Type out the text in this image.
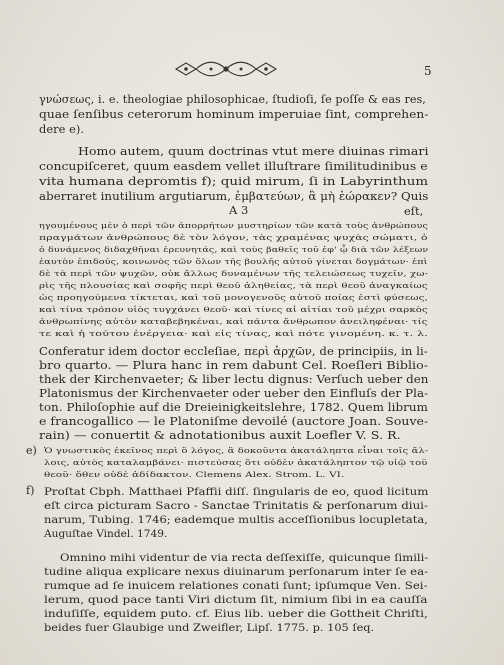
5
γνώσεως, i. e. theologiae philosophicae, ſtudioſi, ſe poſſe & eas res,
quae ſenſibus ceterorum hominum imperuiae ſint, comprehen-
dere e).
Homo autem, quum doctrinas vtut mere diuinas rimari
concupiſceret, quum easdem vellet illuſtrare ſimilitudinibus e
vita humana depromtis f); quid mirum, ſi in Labyrinthum
aberraret inutilium argutiarum, ἐμβατεύων, ἃ μὴ ἑώρακεν? Quis
eſt,
A 3
ηγουμένους μὲν ὁ περὶ τῶν ἀπορρήτων μυστηρίων τῶν κατὰ τοὺς ἀνθρώπους
πραγμάτων ἀνθρώπους δὲ τὸν λόγον, τὰς χραμένας ψυχὰς σώματι, ὁ
ὁ δυνάμενος διδαχθῆναι ἐρευνητάς, καὶ τοὺς βαθεῖς τοῦ ἐφ' ᾧ διὰ τῶν λέξεων
ἑαυτὸν ἐπιδούς, κοινωνὸς τῶν ὅλων τῆς βουλῆς αὐτοῦ γίνεται δογμάτων· ἐπὶ
δὲ τὰ περὶ τῶν ψυχῶν, οὐκ ἄλλως δυναμένων τῆς τελειώσεως τυχεῖν, χω-
ρὶς τῆς πλουσίας καὶ σοφῆς περὶ θεοῦ ἀληθείας, τὰ περὶ θεοῦ ἀναγκαίως
ὡς προηγούμενα τίκτεται, καὶ τοῦ μονογενοῦς αὐτοῦ ποίας ἐστὶ φύσεως,
καὶ τίνα τρόπον υἱὸς τυγχάνει θεοῦ· καὶ τίνες αἱ αἰτίαι τοῦ μέχρι σαρκὸς
ἀνθρωπίνης αὐτὸν καταβεβηκέναι, καὶ πάντα ἄνθρωπον ἀνειληφέναι· τίς
τε καὶ ἡ τούτου ἐνέργεια· καὶ εἰς τίνας, καὶ πότε γινομένη. κ. τ. λ.
Conferatur idem doctor eccleſiae, περὶ ἀρχῶν, de principiis, in li-
bro quarto. — Plura hanc in rem dabunt Cel. Roeſleri Biblio-
thek der Kirchenvaeter; & liber lectu dignus: Verſuch ueber den
Platonismus der Kirchenvaeter oder ueber den Einfluſs der Pla-
ton. Philoſophie auf die Dreieinigkeitslehre, 1782. Quem librum
e francogallico — le Platoniſme devoilé (auctore Joan. Souve-
rain) — conuertit & adnotationibus auxit Loefler V. S. R.
e) Ὁ γνωστικὸς ἐκεῖνος περὶ ὃ λόγος, ἃ δοκοῦντα ἀκατάληπτα εἶναι τοῖς ἄλ-
λοις, αὐτὸς καταλαμβάνει· πιστεύσας ὅτι οὐδὲν ἀκατάληπτον τῷ υἱῷ τοῦ
θεοῦ· ὅθεν οὐδὲ ἀδίδακτον. Clemens Alex. Strom. L. VI.
f) Proſtat Cbph. Matthaei Pfaffii diſſ. ſingularis de eo, quod licitum
eſt circa picturam Sacro - Sanctae Trinitatis & perſonarum diui-
narum, Tubing. 1746; eademque multis acceſſionibus locupletata,
Auguſtae Vindel. 1749.
Omnino mihi videntur de via recta deſſexiſſe, quicunque ſimili-
tudine aliqua explicare nexus diuinarum perſonarum inter ſe ea-
rumque ad ſe inuicem relationes conati ſunt; ipſumque Ven. Sei-
lerum, quod pace tanti Viri dictum ſit, nimium ſibi in ea cauſſa
induſiſſe, equidem puto. cf. Eius lib. ueber die Gottheit Chriſti,
beides fuer Glaubige und Zweifler, Lipſ. 1775. p. 105 ſeq.
